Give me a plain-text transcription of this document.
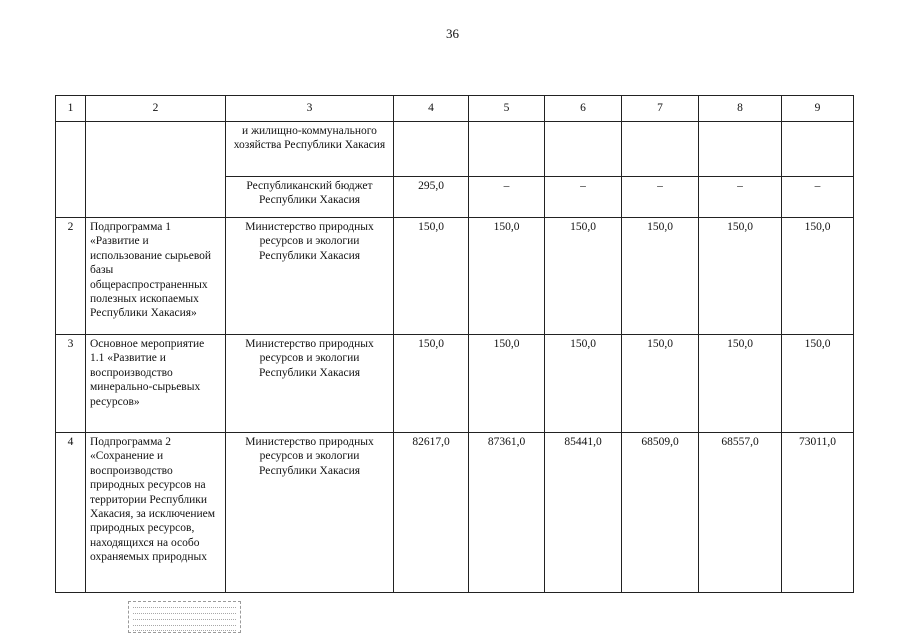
36
1	2	3	4	5	6	7	8	9
		и жилищно-коммунального хозяйства Республики Хакасия						
		Республиканский бюджет Республики Хакасия	295,0	–	–	–	–	–
2	Подпрограмма 1 «Развитие и использование сырьевой базы общераспространенных полезных ископаемых Республики Хакасия»	Министерство природных ресурсов и экологии Республики Хакасия	150,0	150,0	150,0	150,0	150,0	150,0
3	Основное мероприятие 1.1 «Развитие и воспроизводство минерально-сырьевых ресурсов»	Министерство природных ресурсов и экологии Республики Хакасия	150,0	150,0	150,0	150,0	150,0	150,0
4	Подпрограмма 2 «Сохранение и воспроизводство природных ресурсов на территории Республики Хакасия, за исключением природных ресурсов, находящихся на особо охраняемых природных	Министерство природных ресурсов и экологии Республики Хакасия	82617,0	87361,0	85441,0	68509,0	68557,0	73011,0
